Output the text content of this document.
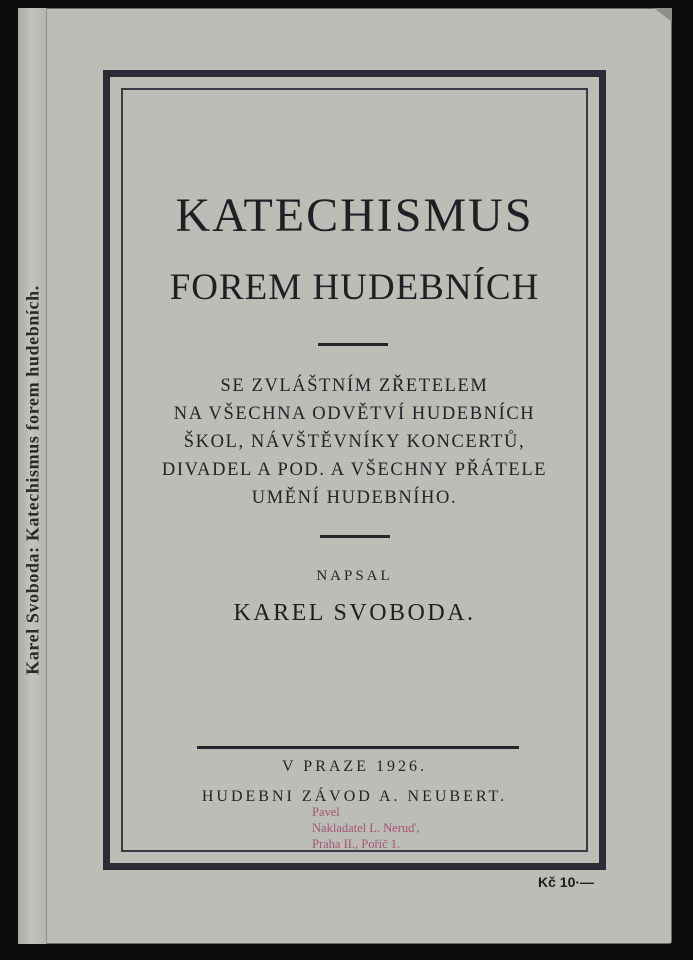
Karel Svoboda: Katechismus forem hudebních.
KATECHISMUS
FOREM HUDEBNÍCH
SE ZVLÁŠTNÍM ZŘETELEM
NA VŠECHNA ODVĚTVÍ HUDEBNÍCH
ŠKOL, NÁVŠTĚVNÍKY KONCERTŮ,
DIVADEL A POD. A VŠECHNY PŘÁTELE
UMĚNÍ HUDEBNÍHO.
NAPSAL
KAREL SVOBODA.
V PRAZE 1926.
HUDEBNI ZÁVOD A. NEUBERT.
Pavel
Nakladatel L. Neruď,
Praha II., Poříč 1.
Kč 10·—
